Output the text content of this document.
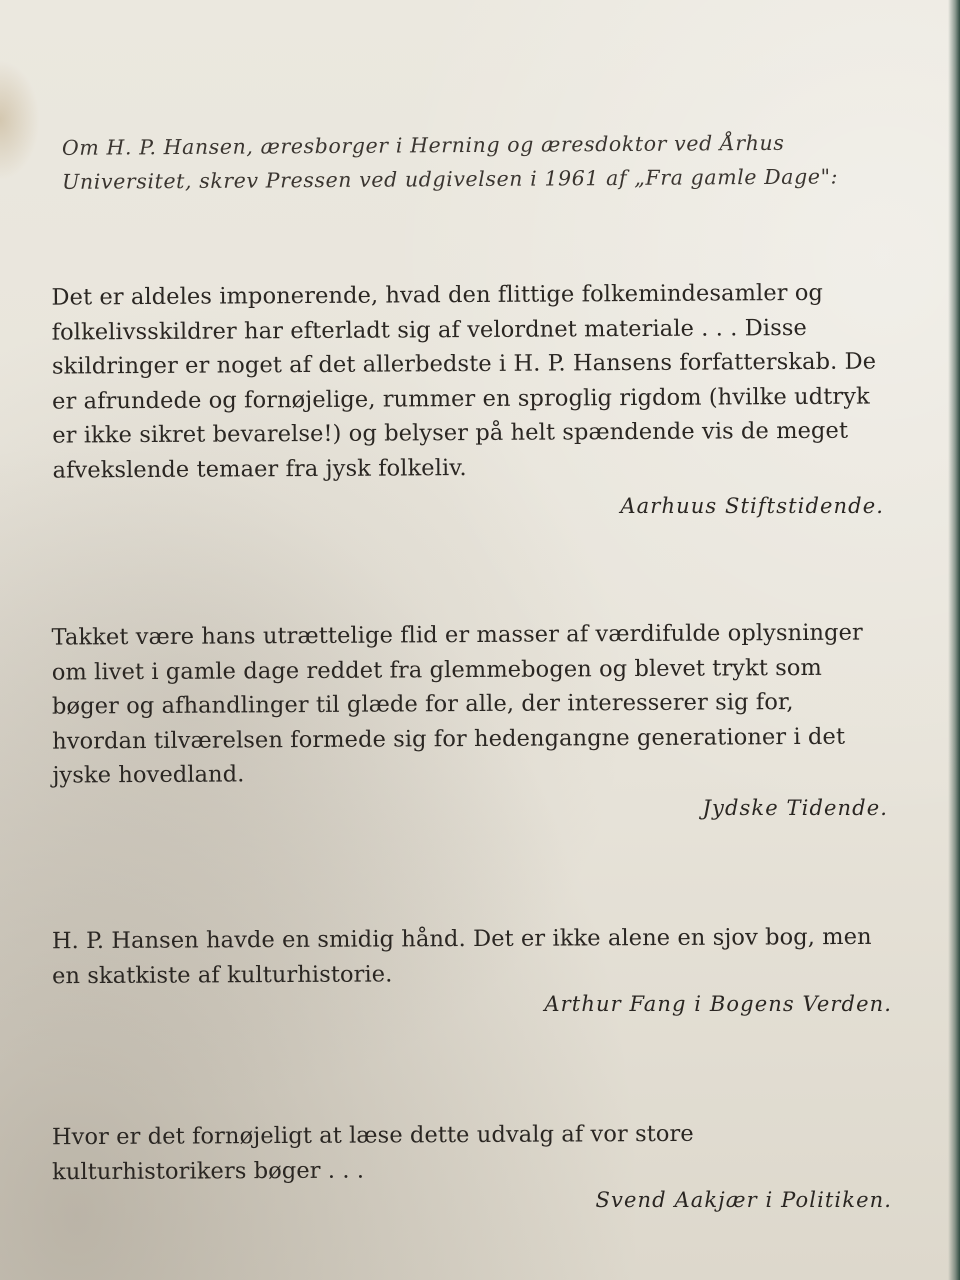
Om H. P. Hansen, æresborger i Herning og æresdoktor ved Århus Universitet, skrev Pressen ved udgivelsen i 1961 af „Fra gamle Dage":
Det er aldeles imponerende, hvad den flittige folkemindesamler og folkelivsskildrer har efterladt sig af velordnet materiale . . . Disse skildringer er noget af det allerbedste i H. P. Hansens forfatterskab. De er afrundede og fornøjelige, rummer en sproglig rigdom (hvilke udtryk er ikke sikret bevarelse!) og belyser på helt spændende vis de meget afvekslende temaer fra jysk folkeliv.
Aarhuus Stiftstidende.
Takket være hans utrættelige flid er masser af værdifulde oplysninger om livet i gamle dage reddet fra glemmebogen og blevet trykt som bøger og afhandlinger til glæde for alle, der interesserer sig for, hvordan tilværelsen formede sig for hedengangne generationer i det jyske hovedland.
Jydske Tidende.
H. P. Hansen havde en smidig hånd. Det er ikke alene en sjov bog, men en skatkiste af kulturhistorie.
Arthur Fang i Bogens Verden.
Hvor er det fornøjeligt at læse dette udvalg af vor store kulturhistorikers bøger . . .
Svend Aakjær i Politiken.
